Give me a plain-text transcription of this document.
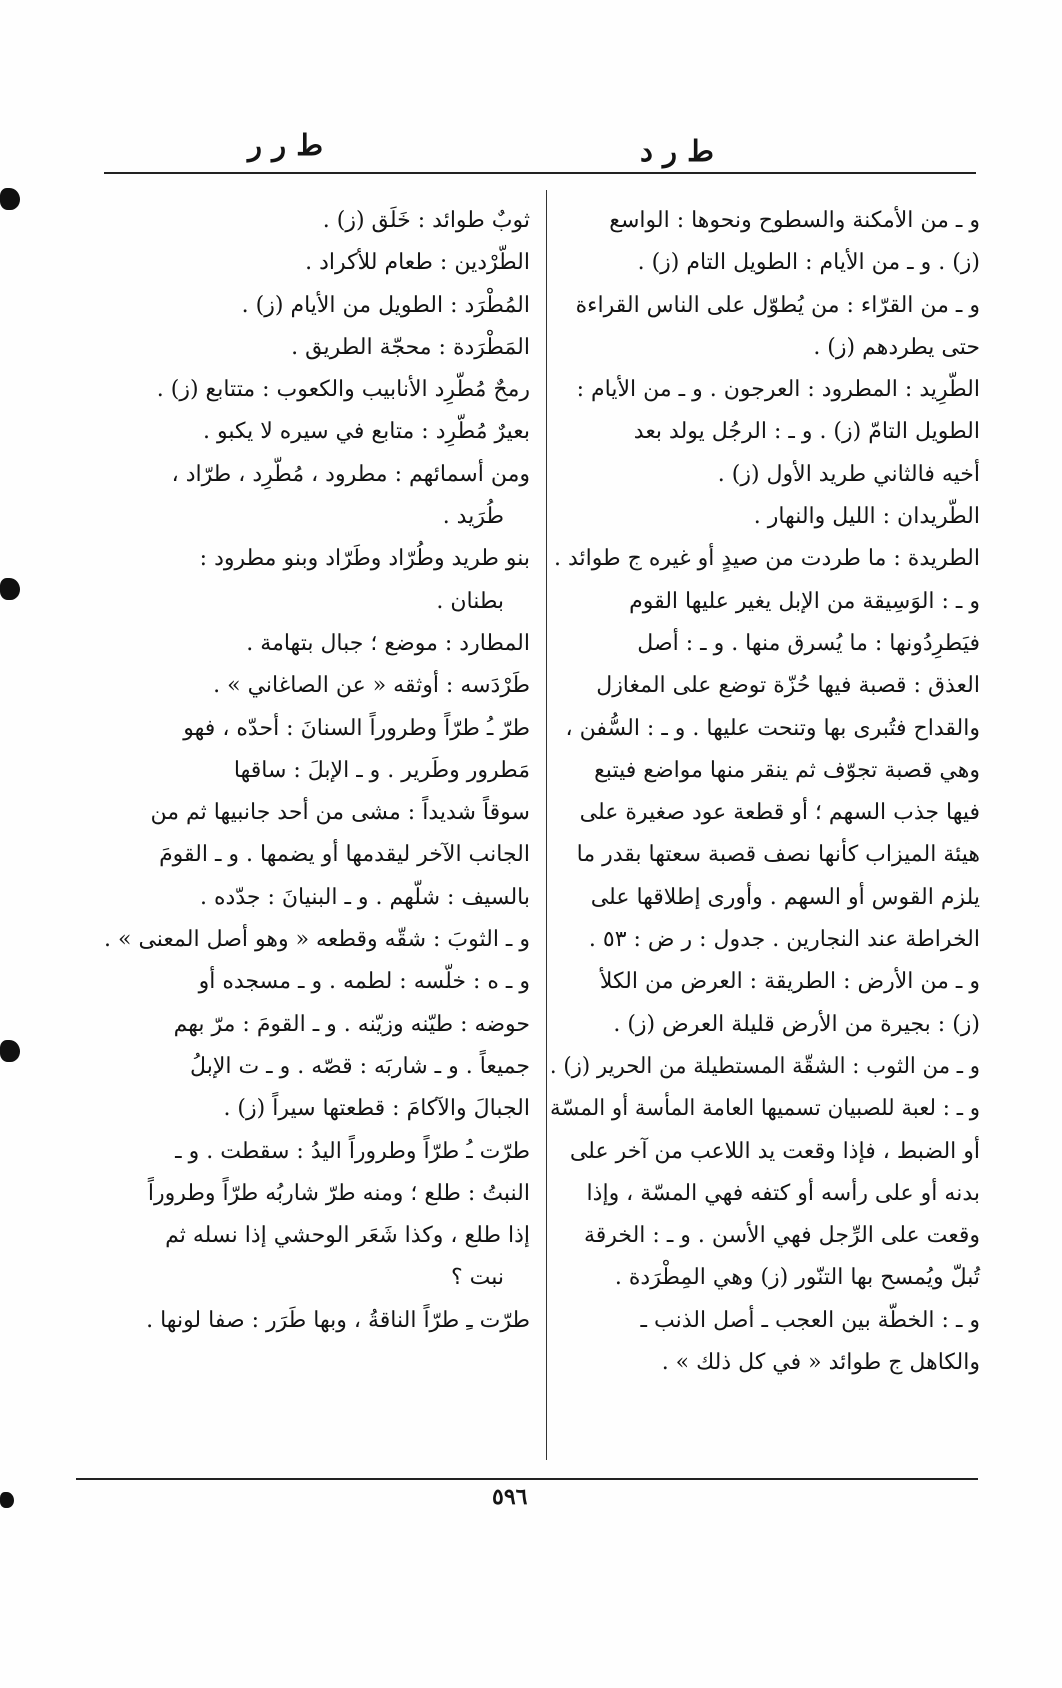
ط ر ر	ط ر د
و ـ من الأمكنة والسطوح ونحوها : الواسع
(ز) . و ـ من الأيام : الطويل التام (ز) .
و ـ من القرّاء : من يُطوّل على الناس القراءة
حتى يطردهم (ز) .
الطّرِيد : المطرود : العرجون . و ـ من الأيام :
الطويل التامّ (ز) . و ـ : الرجُل يولد بعد
أخيه فالثاني طريد الأول (ز) .
الطّريدان : الليل والنهار .
الطريدة : ما طردت من صيدٍ أو غيره ج طوائد .
و ـ : الوَسِيقة من الإبل يغير عليها القوم
فيَطرِدُونها : ما يُسرق منها . و ـ : أصل
العذق : قصبة فيها حُزّة توضع على المغازل
والقداح فتُبرى بها وتنحت عليها . و ـ : السُّفن ،
وهي قصبة تجوّف ثم ينقر منها مواضع فيتبع
فيها جذب السهم ؛ أو قطعة عود صغيرة على
هيئة الميزاب كأنها نصف قصبة سعتها بقدر ما
يلزم القوس أو السهم . وأورى إطلاقها على
الخراطة عند النجارين . جدول : ر ض : ٥٣ .
و ـ من الأرض : الطريقة : العرض من الكلأ
(ز) : بجيرة من الأرض قليلة العرض (ز) .
و ـ من الثوب : الشقّة المستطيلة من الحرير (ز) .
و ـ : لعبة للصبيان تسميها العامة المأسة أو المسّة
أو الضبط ، فإذا وقعت يد اللاعب من آخر على
بدنه أو على رأسه أو كتفه فهي المسّة ، وإذا
وقعت على الرِّجل فهي الأسن . و ـ : الخرقة
تُبلّ ويُمسح بها التنّور (ز) وهي المِطْرَدة .
و ـ : الخطّة بين العجب ـ أصل الذنب ـ
والكاهل ج طوائد « في كل ذلك » .
ثوبٌ طوائد : خَلَق (ز) .
الطّرْدين : طعام للأكراد .
المُطْرَد : الطويل من الأيام (ز) .
المَطْرَدة : محجّة الطريق .
رمحٌ مُطّرِد الأنابيب والكعوب : متتابع (ز) .
بعيرٌ مُطّرِد : متابع في سيره لا يكبو .
ومن أسمائهم : مطرود ، مُطّرِد ، طرّاد ،
طُرَيد .
بنو طريد وطُرّاد وطَرّاد وبنو مطرود :
بطنان .
المطارد : موضع ؛ جبال بتهامة .
طَرْدَسه : أوثقه « عن الصاغاني » .
طرّ ـُ طرّاً وطروراً السنانَ : أحدّه ، فهو
مَطرور وطَرير . و ـ الإبلَ : ساقها
سوقاً شديداً : مشى من أحد جانبيها ثم من
الجانب الآخر ليقدمها أو يضمها . و ـ القومَ
بالسيف : شلّهم . و ـ البنيانَ : جدّده .
و ـ الثوبَ : شقّه وقطعه « وهو أصل المعنى » .
و ـ ه : خلّسه : لطمه . و ـ مسجده أو
حوضه : طيّنه وزيّنه . و ـ القومَ : مرّ بهم
جميعاً . و ـ شاربَه : قصّه . و ـ ت الإبلُ
الجبالَ والآكامَ : قطعتها سيراً (ز) .
طرّت ـُ طرّاً وطروراً اليدُ : سقطت . و ـ
النبتُ : طلع ؛ ومنه طرّ شاربُه طرّاً وطروراً
إذا طلع ، وكذا شَعَر الوحشي إذا نسله ثم
نبت ؟
طرّت ـِ طرّاً الناقةُ ، وبها طَرَر : صفا لونها .
٥٩٦
